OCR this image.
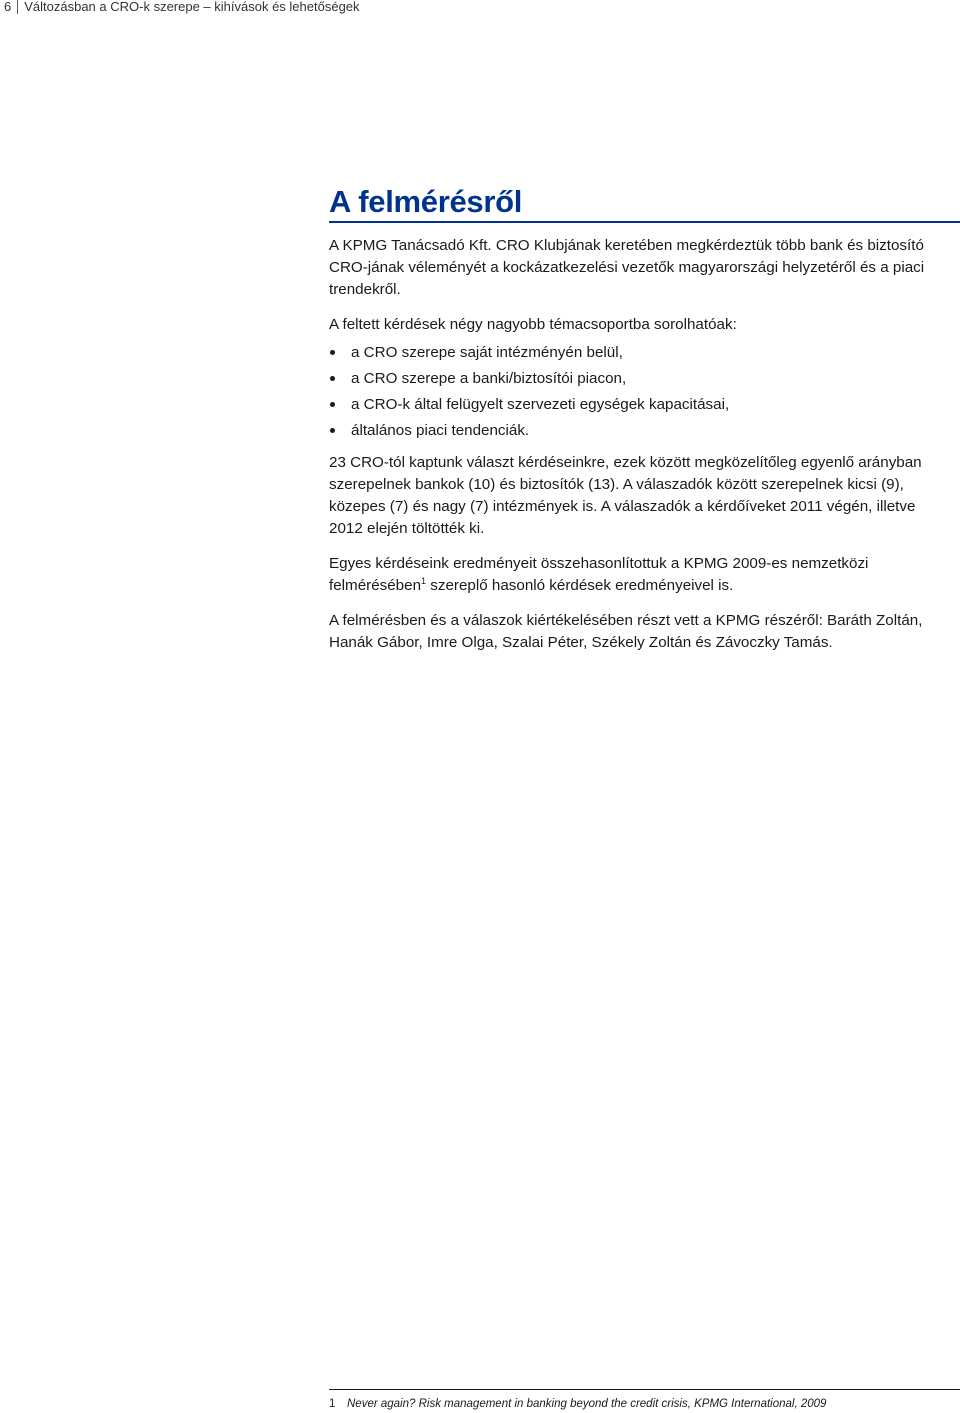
6 Változásban a CRO-k szerepe – kihívások és lehetőségek
A felmérésről

A KPMG Tanácsadó Kft. CRO Klubjának keretében megkérdeztük több bank és biztosító CRO-jának véleményét a kockázatkezelési vezetők magyarországi helyzetéről és a piaci trendekről.

A feltett kérdések négy nagyobb témacsoportba sorolhatóak:

a CRO szerepe saját intézményén belül,
a CRO szerepe a banki/biztosítói piacon,
a CRO-k által felügyelt szervezeti egységek kapacitásai,
általános piaci tendenciák.

23 CRO-tól kaptunk választ kérdéseinkre, ezek között megközelítőleg egyenlő arányban szerepelnek bankok (10) és biztosítók (13). A válaszadók között szerepelnek kicsi (9), közepes (7) és nagy (7) intézmények is. A válaszadók a kérdőíveket 2011 végén, illetve 2012 elején töltötték ki.

Egyes kérdéseink eredményeit összehasonlítottuk a KPMG 2009-es nemzetközi felmérésében$^1$ szereplő hasonló kérdések eredményeivel is.

A felmérésben és a válaszok kiértékelésében részt vett a KPMG részéről: Baráth Zoltán, Hanák Gábor, Imre Olga, Szalai Péter, Székely Zoltán és Závoczky Tamás.

1 Never again? Risk management in banking beyond the credit crisis, KPMG International, 2009
